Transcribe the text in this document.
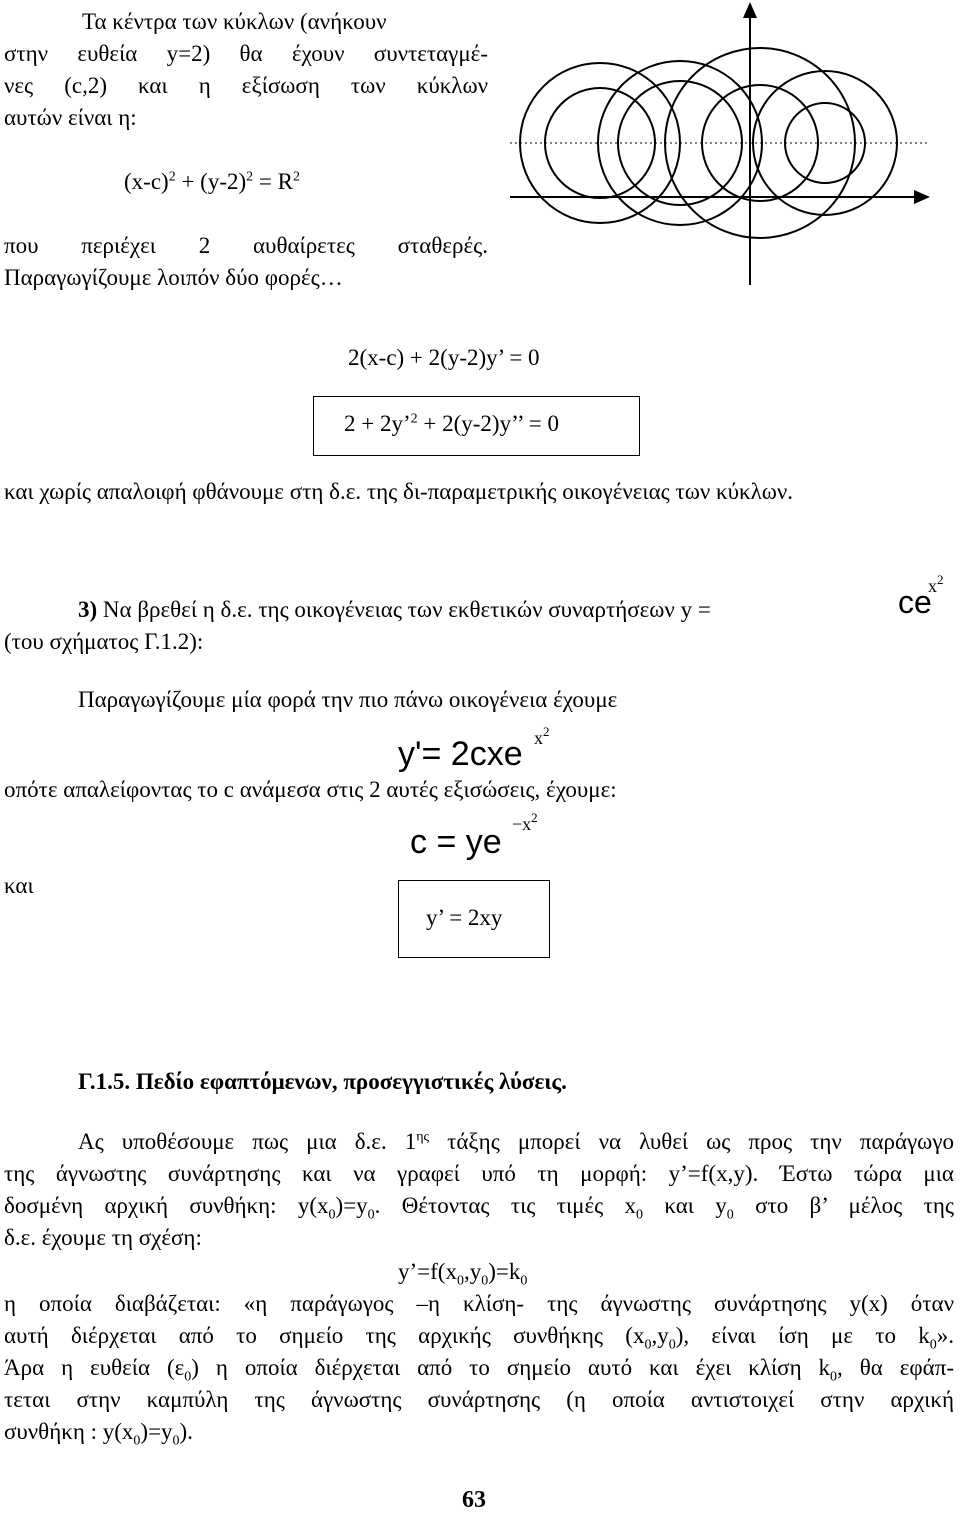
Τα κέντρα των κύκλων (ανήκουν
στην ευθεία y=2) θα έχουν συντεταγμέ-
νες (c,2) και η εξίσωση των κύκλων
αυτών είναι η:
$(x-c)^2 + (y-2)^2 = R^2$
που περιέχει 2 αυθαίρετες σταθερές.
Παραγωγίζουμε λοιπόν δύο φορές…
2(x-c) + 2(y-2)y’ = 0
2 + 2y’$^2$ + 2(y-2)y’’ = 0
και χωρίς απαλοιφή φθάνουμε στη δ.ε. της δι-παραμετρικής οικογένειας των κύκλων.
3) Να βρεθεί η δ.ε. της οικογένειας των εκθετικών συναρτήσεων y =	ce
$x^2$
(του σχήματος Γ.1.2):
Παραγωγίζουμε μία φορά την πιο πάνω οικογένεια έχουμε
y'= 2cxe $x^2$
οπότε απαλείφοντας το c ανάμεσα στις 2 αυτές εξισώσεις, έχουμε:
c = ye $-x^2$
και
y’ = 2xy
Γ.1.5. Πεδίο εφαπτόμενων, προσεγγιστικές λύσεις.
Ας υποθέσουμε πως μια δ.ε. $1^{\eta\varsigma}$ τάξης μπορεί να λυθεί ως προς την παράγωγο
της άγνωστης συνάρτησης και να γραφεί υπό τη μορφή: y’=f(x,y). Έστω τώρα μια
δοσμένη αρχική συνθήκη: $y(x_0)=y_0$. Θέτοντας τις τιμές $x_0$ και $y_0$ στο β’ μέλος της
δ.ε. έχουμε τη σχέση:
$y’=f(x_0,y_0)=k_0$
η οποία διαβάζεται: «η παράγωγος –η κλίση- της άγνωστης συνάρτησης y(x) όταν
αυτή διέρχεται από το σημείο της αρχικής συνθήκης $(x_0,y_0)$, είναι ίση με το $k_0$».
Άρα η ευθεία $(\varepsilon_0)$ η οποία διέρχεται από το σημείο αυτό και έχει κλίση $k_0$, θα εφάπ-
τεται στην καμπύλη της άγνωστης συνάρτησης (η οποία αντιστοιχεί στην αρχική
συνθήκη : $y(x_0)=y_0$).
63
